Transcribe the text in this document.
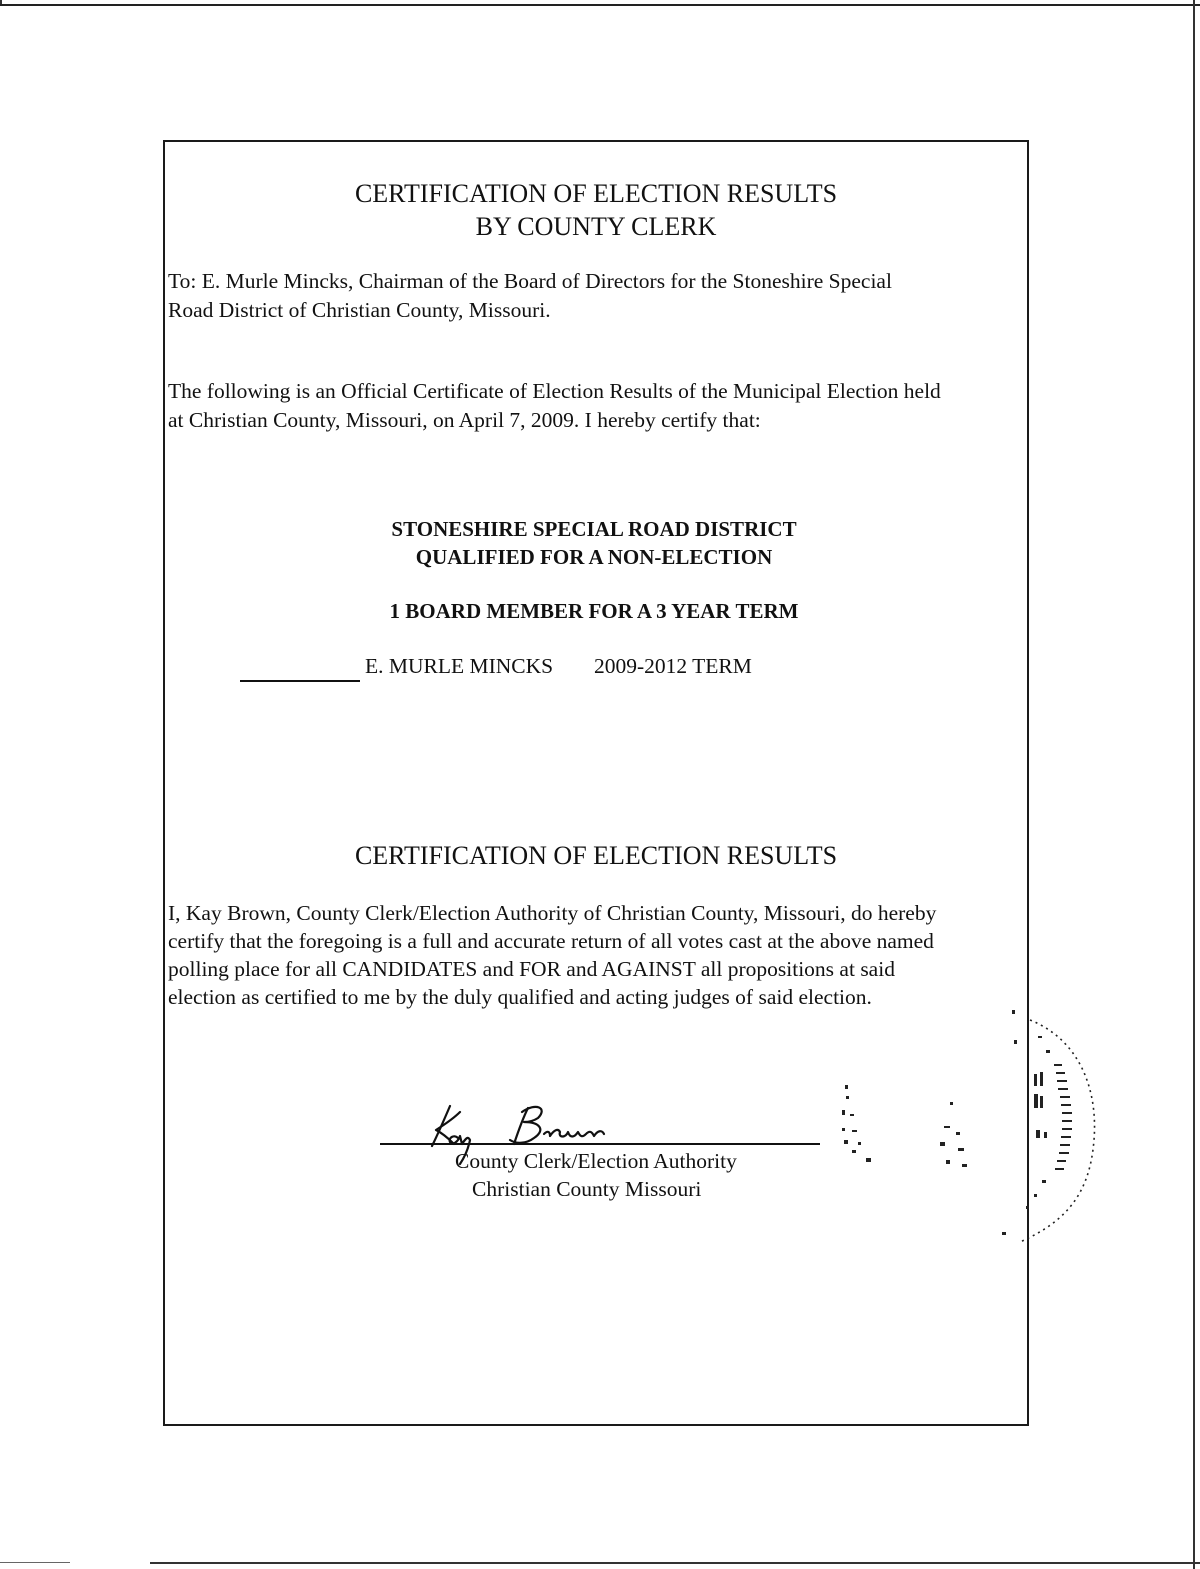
CERTIFICATION OF ELECTION RESULTS

BY COUNTY CLERK

To: E. Murle Mincks, Chairman of the Board of Directors for the Stoneshire Special

Road District of Christian County, Missouri.

The following is an Official Certificate of Election Results of the Municipal Election held

at Christian County, Missouri, on April 7, 2009. I hereby certify that:

STONESHIRE SPECIAL ROAD DISTRICT

QUALIFIED FOR A NON-ELECTION

1 BOARD MEMBER FOR A 3 YEAR TERM

E. MURLE MINCKS 2009-2012 TERM

CERTIFICATION OF ELECTION RESULTS

I, Kay Brown, County Clerk/Election Authority of Christian County, Missouri, do hereby

certify that the foregoing is a full and accurate return of all votes cast at the above named

polling place for all CANDIDATES and FOR and AGAINST all propositions at said

election as certified to me by the duly qualified and acting judges of said election.

County Clerk/Election Authority

Christian County Missouri
